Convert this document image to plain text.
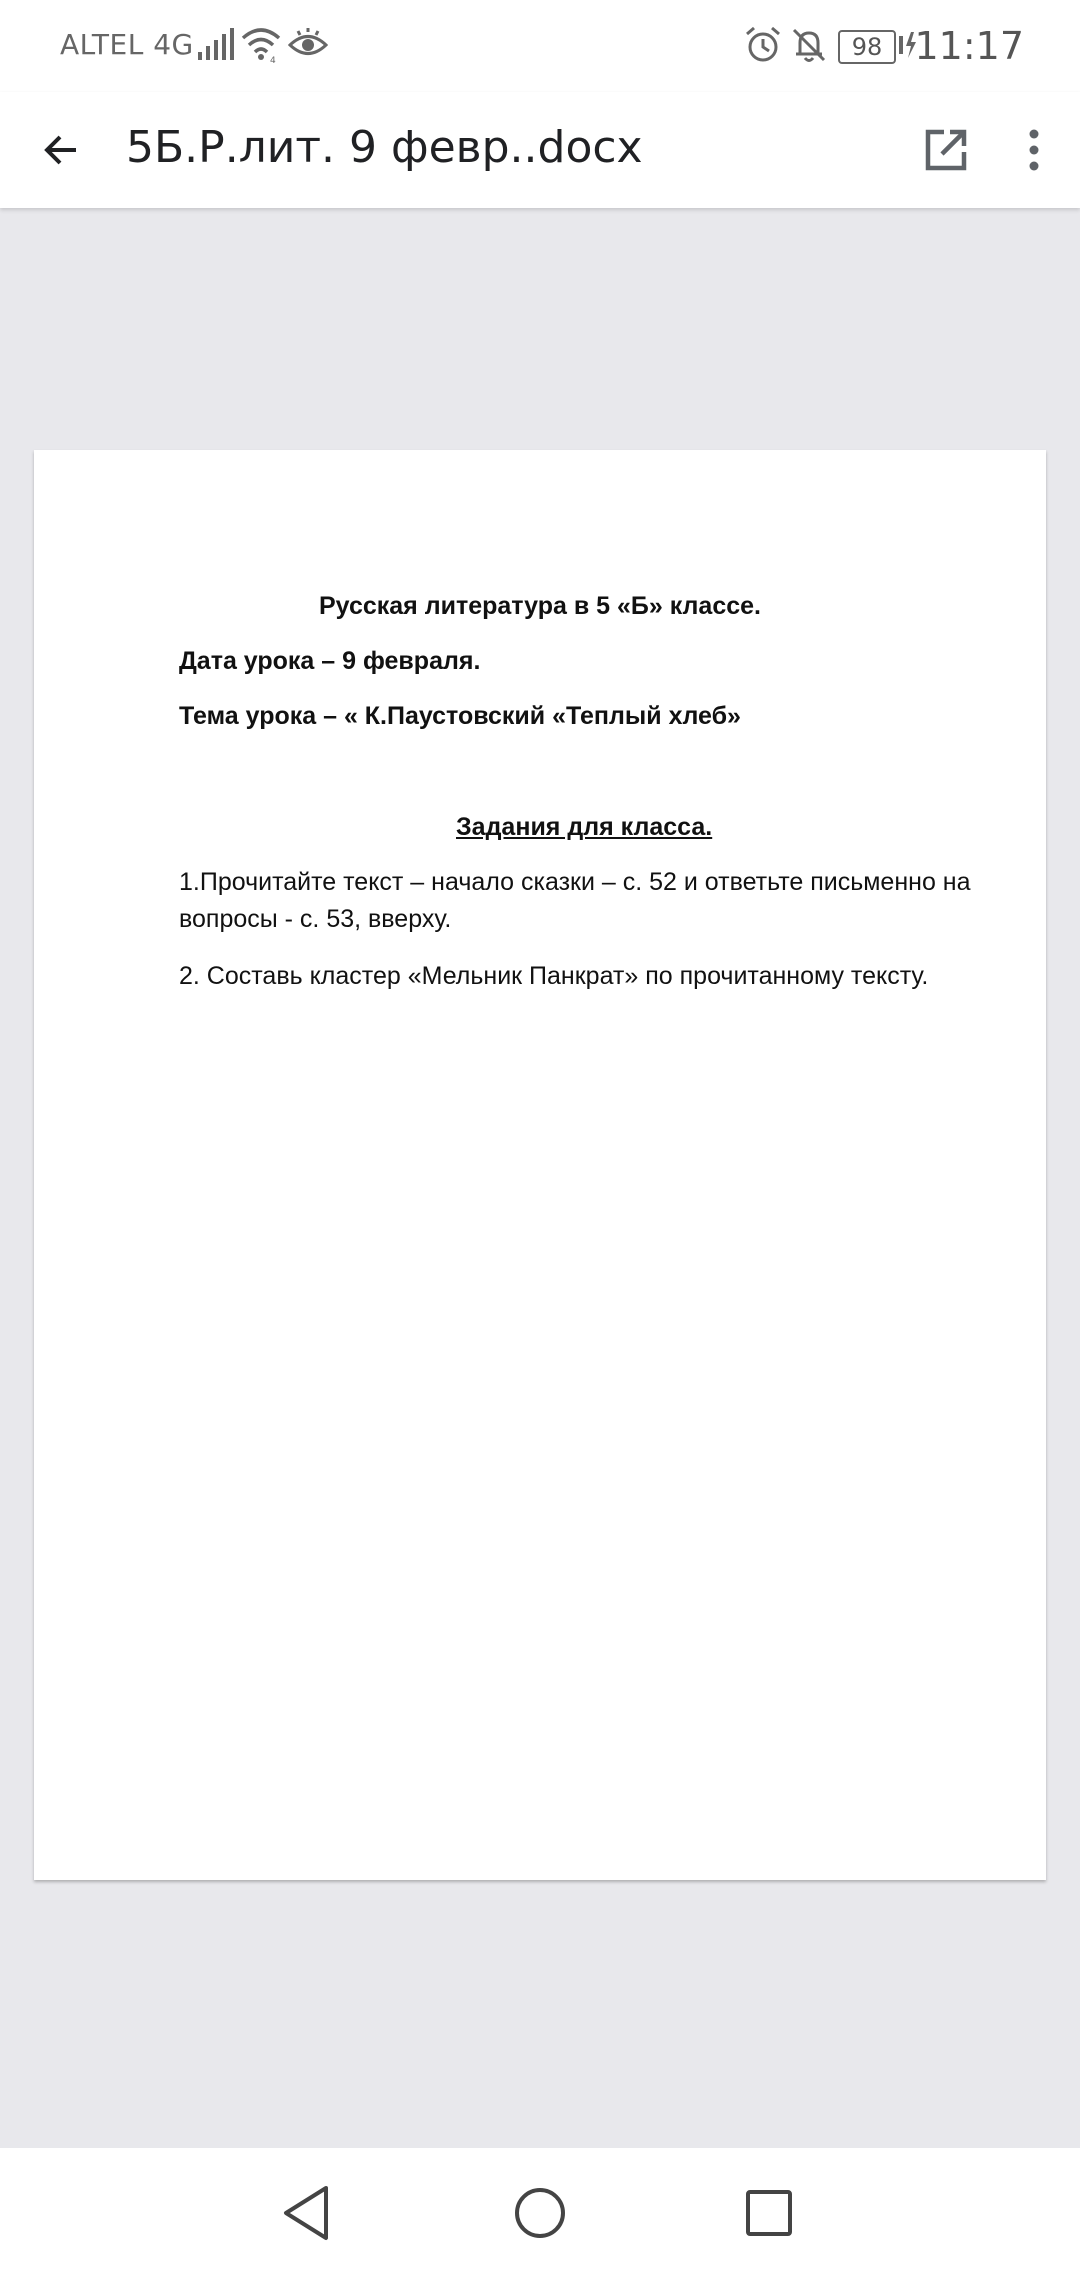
ALTEL 4G	4	98 11:17
5Б.Р.лит. 9 февр..docx
Русская литература в 5 «Б» классе.
Дата урока – 9 февраля.
Тема урока – « К.Паустовский «Теплый хлеб»
Задания для класса.
1.Прочитайте текст – начало сказки – с. 52 и ответьте письменно на вопросы - с. 53, вверху.
2. Составь кластер «Мельник Панкрат» по прочитанному тексту.
